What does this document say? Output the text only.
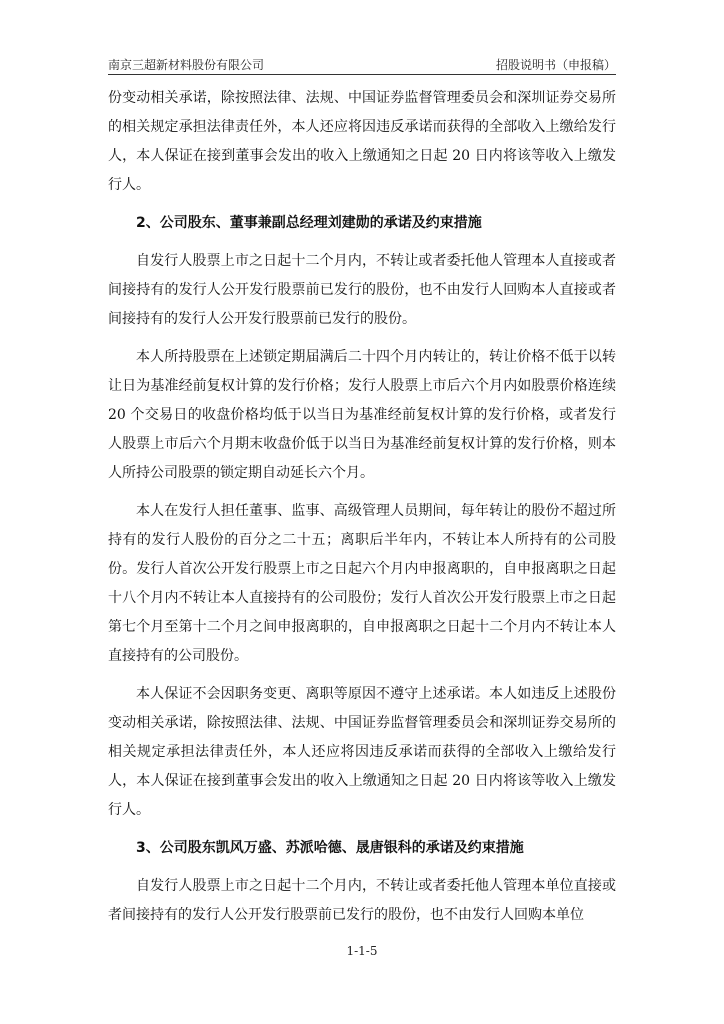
南京三超新材料股份有限公司	招股说明书（申报稿）

份变动相关承诺，除按照法律、法规、中国证券监督管理委员会和深圳证券交易所的相关规定承担法律责任外，本人还应将因违反承诺而获得的全部收入上缴给发行人，本人保证在接到董事会发出的收入上缴通知之日起 20 日内将该等收入上缴发行人。

2、公司股东、董事兼副总经理刘建勋的承诺及约束措施

自发行人股票上市之日起十二个月内，不转让或者委托他人管理本人直接或者间接持有的发行人公开发行股票前已发行的股份，也不由发行人回购本人直接或者间接持有的发行人公开发行股票前已发行的股份。

本人所持股票在上述锁定期届满后二十四个月内转让的，转让价格不低于以转让日为基准经前复权计算的发行价格；发行人股票上市后六个月内如股票价格连续 20 个交易日的收盘价格均低于以当日为基准经前复权计算的发行价格，或者发行人股票上市后六个月期末收盘价低于以当日为基准经前复权计算的发行价格，则本人所持公司股票的锁定期自动延长六个月。

本人在发行人担任董事、监事、高级管理人员期间，每年转让的股份不超过所持有的发行人股份的百分之二十五；离职后半年内，不转让本人所持有的公司股份。发行人首次公开发行股票上市之日起六个月内申报离职的，自申报离职之日起十八个月内不转让本人直接持有的公司股份；发行人首次公开发行股票上市之日起第七个月至第十二个月之间申报离职的，自申报离职之日起十二个月内不转让本人直接持有的公司股份。

本人保证不会因职务变更、离职等原因不遵守上述承诺。本人如违反上述股份变动相关承诺，除按照法律、法规、中国证券监督管理委员会和深圳证券交易所的相关规定承担法律责任外，本人还应将因违反承诺而获得的全部收入上缴给发行人，本人保证在接到董事会发出的收入上缴通知之日起 20 日内将该等收入上缴发行人。

3、公司股东凯风万盛、苏派哈德、晟唐银科的承诺及约束措施

自发行人股票上市之日起十二个月内，不转让或者委托他人管理本单位直接或者间接持有的发行人公开发行股票前已发行的股份，也不由发行人回购本单位

1-1-5
